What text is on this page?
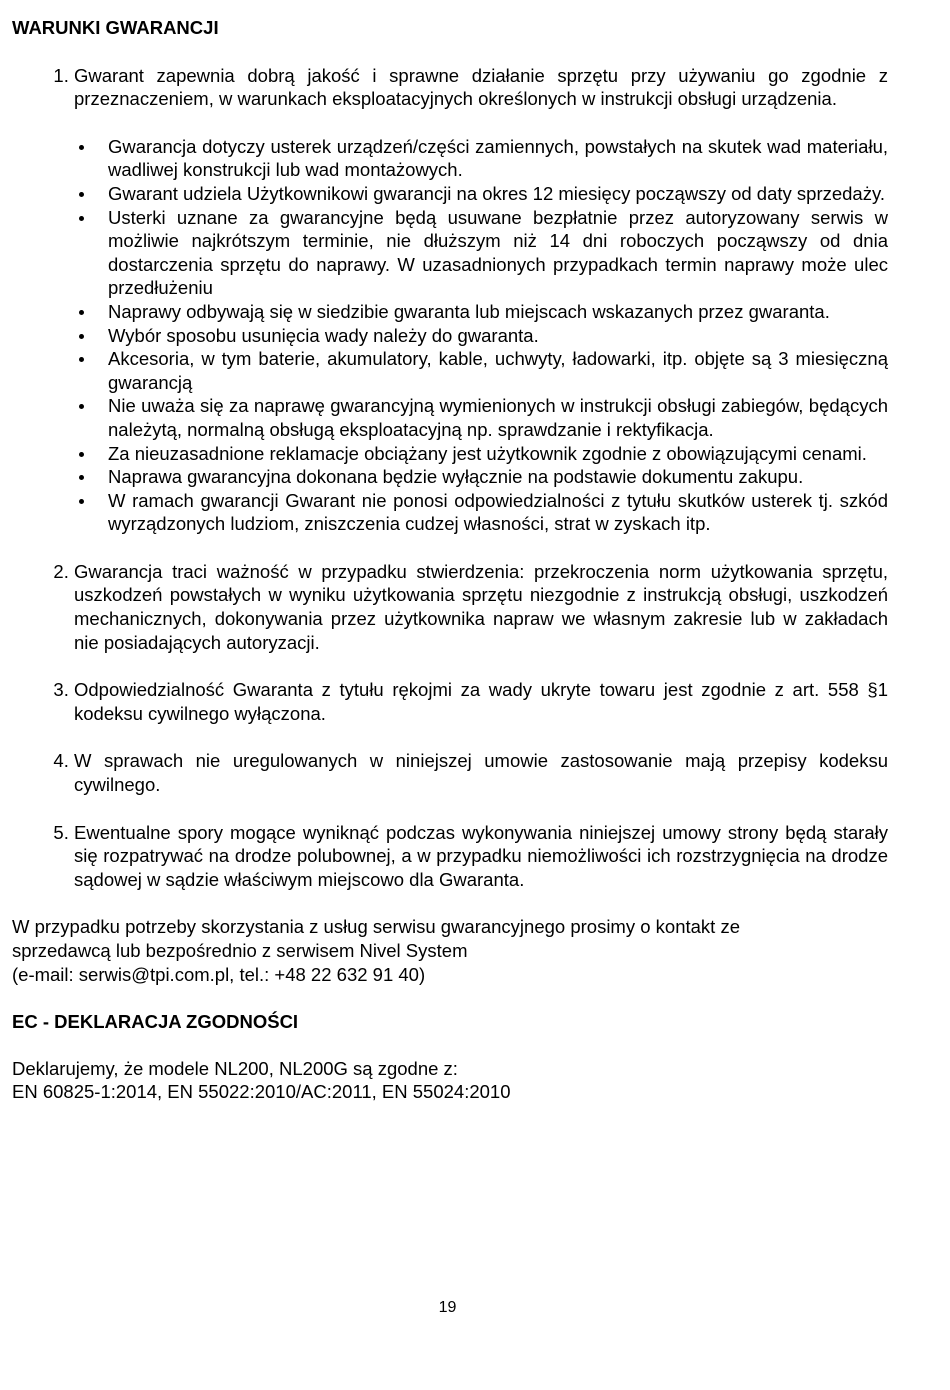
WARUNKI GWARANCJI
1. Gwarant zapewnia dobrą jakość i sprawne działanie sprzętu przy używaniu go zgodnie z przeznaczeniem, w warunkach eksploatacyjnych określonych w instrukcji obsługi urządzenia.
Gwarancja dotyczy usterek urządzeń/części zamiennych, powstałych na skutek wad materiału, wadliwej konstrukcji lub wad montażowych.
Gwarant udziela Użytkownikowi gwarancji na okres 12 miesięcy począwszy od daty sprzedaży.
Usterki uznane za gwarancyjne będą usuwane bezpłatnie przez autoryzowany serwis w możliwie najkrótszym terminie, nie dłuższym niż 14 dni roboczych począwszy od dnia dostarczenia sprzętu do naprawy. W uzasadnionych przypadkach termin naprawy może ulec przedłużeniu
Naprawy odbywają się w siedzibie gwaranta lub miejscach wskazanych przez gwaranta.
Wybór sposobu usunięcia wady należy do gwaranta.
Akcesoria, w tym baterie, akumulatory, kable, uchwyty, ładowarki, itp. objęte są 3 miesięczną gwarancją
Nie uważa się za naprawę gwarancyjną wymienionych w instrukcji obsługi zabiegów, będących należytą, normalną obsługą eksploatacyjną np. sprawdzanie i rektyfikacja.
Za nieuzasadnione reklamacje obciążany jest użytkownik zgodnie z obowiązującymi cenami.
Naprawa gwarancyjna dokonana będzie wyłącznie na podstawie dokumentu zakupu.
W ramach gwarancji Gwarant nie ponosi odpowiedzialności z tytułu skutków usterek tj. szkód wyrządzonych ludziom, zniszczenia cudzej własności, strat w zyskach itp.
2. Gwarancja traci ważność w przypadku stwierdzenia: przekroczenia norm użytkowania sprzętu, uszkodzeń powstałych w wyniku użytkowania sprzętu niezgodnie z instrukcją obsługi, uszkodzeń mechanicznych, dokonywania przez użytkownika napraw we własnym zakresie lub w zakładach nie posiadających autoryzacji.
3. Odpowiedzialność Gwaranta z tytułu rękojmi za wady ukryte towaru jest zgodnie z art. 558 §1 kodeksu cywilnego wyłączona.
4. W sprawach nie uregulowanych w niniejszej umowie zastosowanie mają przepisy kodeksu cywilnego.
5. Ewentualne spory mogące wyniknąć podczas wykonywania niniejszej umowy strony będą starały się rozpatrywać na drodze polubownej, a w przypadku niemożliwości ich rozstrzygnięcia na drodze sądowej w sądzie właściwym miejscowo dla Gwaranta.
W przypadku potrzeby skorzystania z usług serwisu gwarancyjnego prosimy o kontakt ze
sprzedawcą lub bezpośrednio z serwisem Nivel System
(e-mail: serwis@tpi.com.pl, tel.: +48 22 632 91 40)
EC - DEKLARACJA ZGODNOŚCI
Deklarujemy, że modele NL200, NL200G są zgodne z:
EN 60825-1:2014, EN 55022:2010/AC:2011, EN 55024:2010
19
